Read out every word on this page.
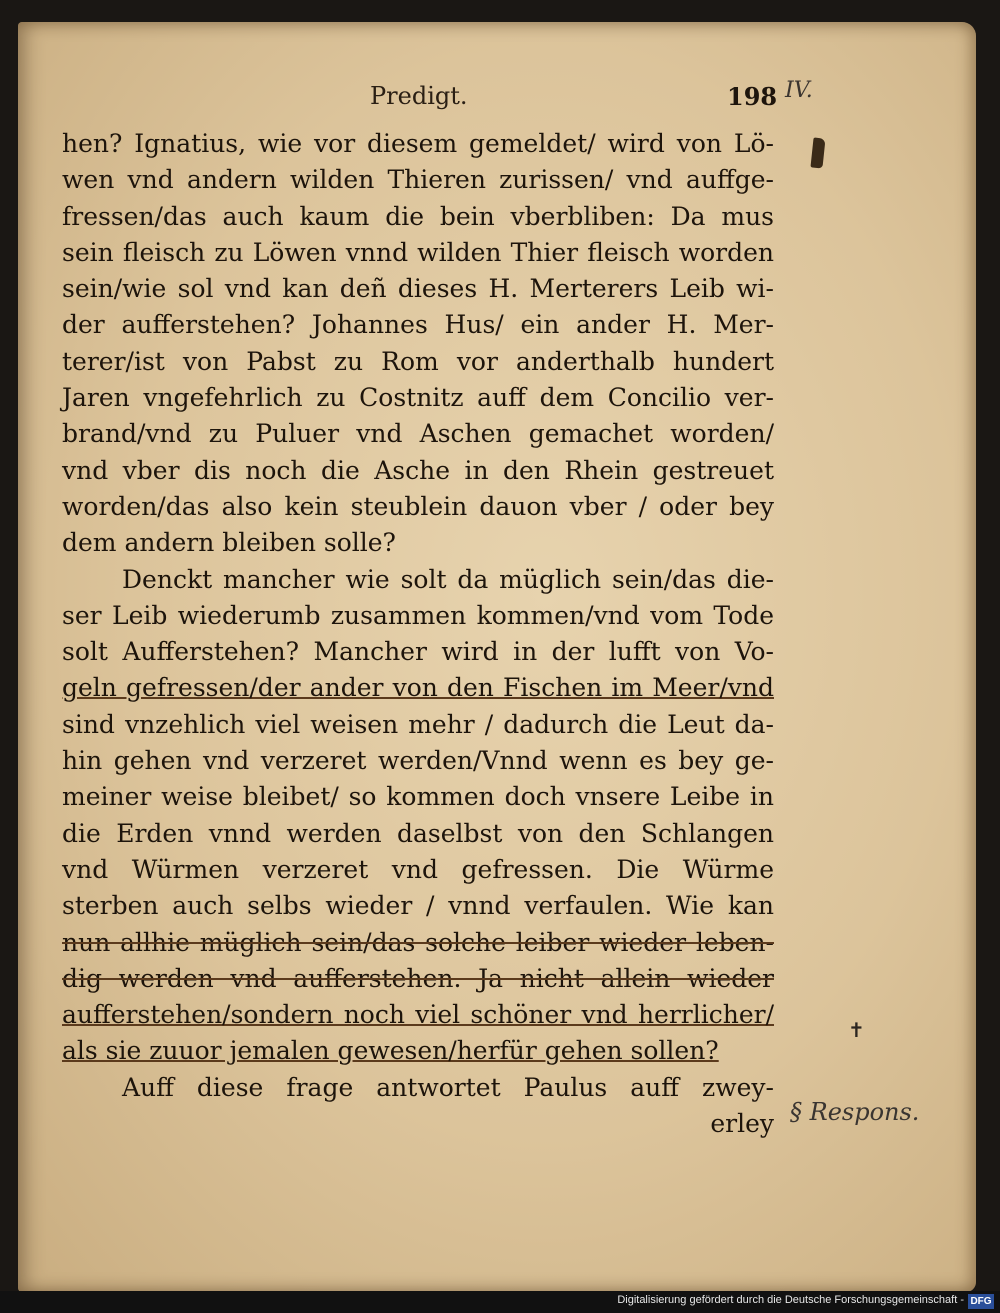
Predigt.	198 IV.
hen? Ignatius, wie vor diesem gemeldet/ wird von Lö-
wen vnd andern wilden Thieren zurissen/ vnd auffge-
fressen/das auch kaum die bein vberbliben: Da mus
sein fleisch zu Löwen vnnd wilden Thier fleisch worden
sein/wie sol vnd kan deñ dieses H. Merterers Leib wi-
der aufferstehen? Johannes Hus/ ein ander H. Mer-
terer/ist von Pabst zu Rom vor anderthalb hundert
Jaren vngefehrlich zu Costnitz auff dem Concilio ver-
brand/vnd zu Puluer vnd Aschen gemachet worden/
vnd vber dis noch die Asche in den Rhein gestreuet
worden/das also kein steublein dauon vber / oder bey
dem andern bleiben solle?
Denckt mancher wie solt da müglich sein/das die-
ser Leib wiederumb zusammen kommen/vnd vom Tode
solt Aufferstehen? Mancher wird in der lufft von Vo-
geln gefressen/der ander von den Fischen im Meer/vnd
sind vnzehlich viel weisen mehr / dadurch die Leut da-
hin gehen vnd verzeret werden/Vnnd wenn es bey ge-
meiner weise bleibet/ so kommen doch vnsere Leibe in
die Erden vnnd werden daselbst von den Schlangen
vnd Würmen verzeret vnd gefressen. Die Würme
sterben auch selbs wieder / vnnd verfaulen. Wie kan
nun allhie müglich sein/das solche leiber wieder leben-
dig werden vnd aufferstehen. Ja nicht allein wieder
aufferstehen/sondern noch viel schöner vnd herrlicher/
als sie zuuor jemalen gewesen/herfür gehen sollen?
Auff diese frage antwortet Paulus auff zwey-
erley
✝
§ Respons.
Digitalisierung gefördert durch die Deutsche Forschungsgemeinschaft - DFG
